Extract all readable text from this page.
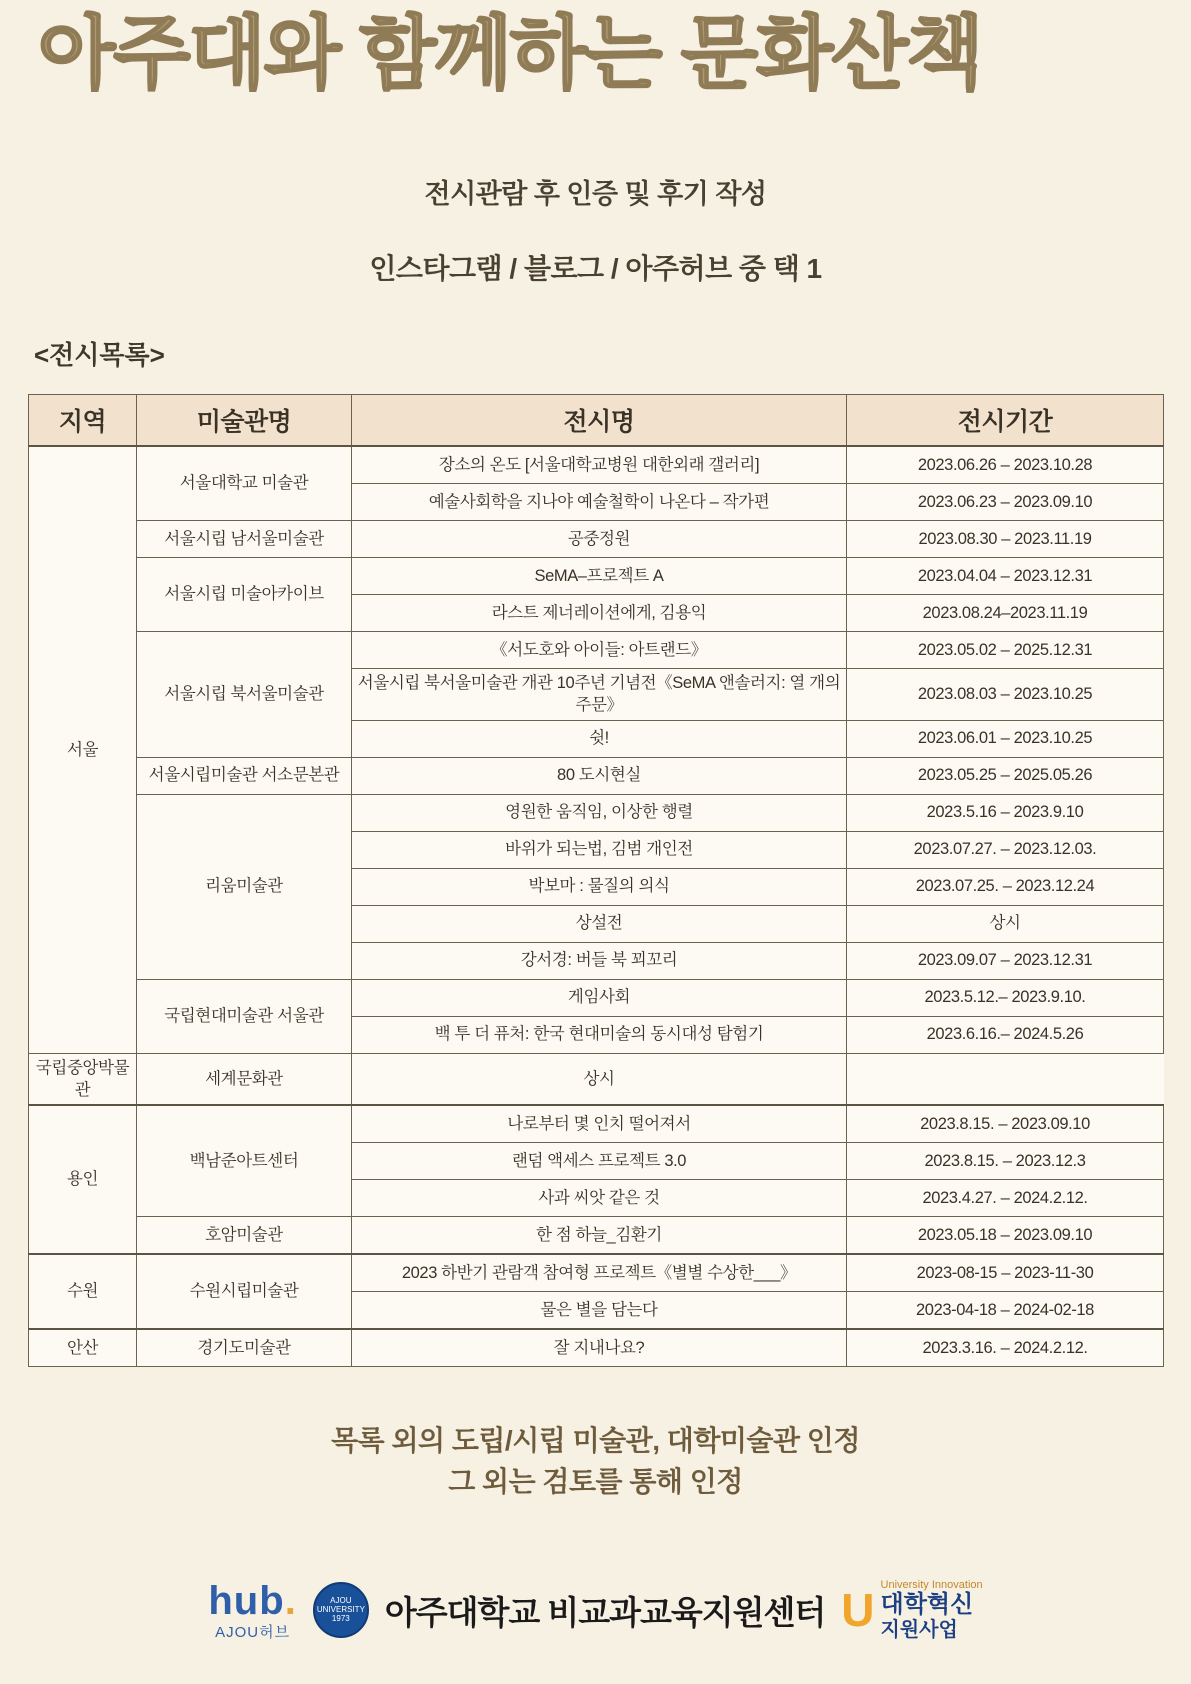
아주대와 함께하는 문화산책
전시관람 후 인증 및 후기 작성
인스타그램 / 블로그 / 아주허브 중 택 1
<전시목록>
지역	미술관명	전시명	전시기간
서울	서울대학교 미술관	장소의 온도 [서울대학교병원 대한외래 갤러리]	2023.06.26 – 2023.10.28
		예술사회학을 지나야 예술철학이 나온다 – 작가편	2023.06.23 – 2023.09.10
	서울시립 남서울미술관	공중정원	2023.08.30 – 2023.11.19
	서울시립 미술아카이브	SeMA–프로젝트 A	2023.04.04 – 2023.12.31
		라스트 제너레이션에게, 김용익	2023.08.24–2023.11.19
	서울시립 북서울미술관	《서도호와 아이들: 아트랜드》	2023.05.02 – 2025.12.31
		서울시립 북서울미술관 개관 10주년 기념전《SeMA 앤솔러지: 열 개의 주문》	2023.08.03 – 2023.10.25
		쉿!	2023.06.01 – 2023.10.25
	서울시립미술관 서소문본관	80 도시현실	2023.05.25 – 2025.05.26
	리움미술관	영원한 움직임, 이상한 행렬	2023.5.16 – 2023.9.10
		바위가 되는법, 김범 개인전	2023.07.27. – 2023.12.03.
		박보마 : 물질의 의식	2023.07.25. – 2023.12.24
		상설전	상시
		강서경: 버들 북 꾀꼬리	2023.09.07 – 2023.12.31
	국립현대미술관 서울관	게임사회	2023.5.12.– 2023.9.10.
		백 투 더 퓨처: 한국 현대미술의 동시대성 탐험기	2023.6.16.– 2024.5.26
국립중앙박물관	세계문화관	상시	
용인	백남준아트센터	나로부터 몇 인치 떨어져서	2023.8.15. – 2023.09.10
		랜덤 액세스 프로젝트 3.0	2023.8.15. – 2023.12.3
		사과 씨앗 같은 것	2023.4.27. – 2024.2.12.
	호암미술관	한 점 하늘_김환기	2023.05.18 – 2023.09.10
수원	수원시립미술관	2023 하반기 관람객 참여형 프로젝트《별별 수상한___》	2023-08-15 – 2023-11-30
		물은 별을 담는다	2023-04-18 – 2024-02-18
안산	경기도미술관	잘 지내나요?	2023.3.16. – 2024.2.12.
목록 외의 도립/시립 미술관, 대학미술관 인정
그 외는 검토를 통해 인정
hub.
AJOU허브
AJOU UNIVERSITY 1973	아주대학교 비교과교육지원센터 U University Innovation
대학혁신
지원사업
